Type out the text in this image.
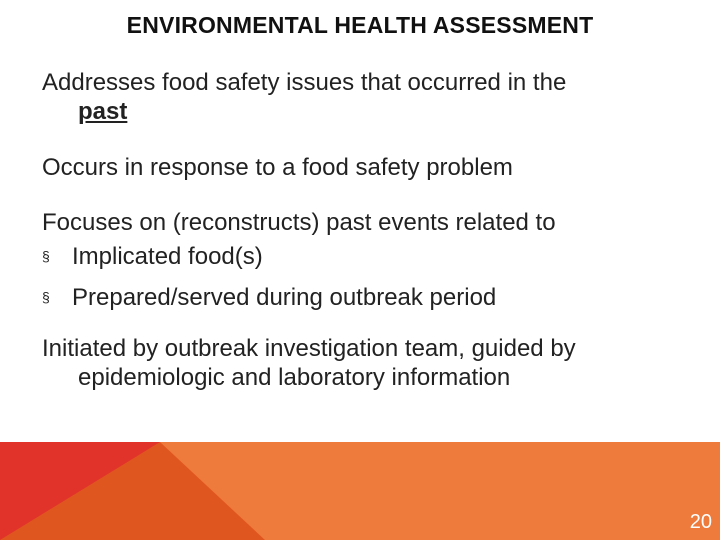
ENVIRONMENTAL HEALTH ASSESSMENT

Addresses food safety issues that occurred in the
past

Occurs in response to a food safety problem

Focuses on (reconstructs) past events related to

§ Implicated food(s)
§ Prepared/served during outbreak period

Initiated by outbreak investigation team, guided by
epidemiologic and laboratory information

20
